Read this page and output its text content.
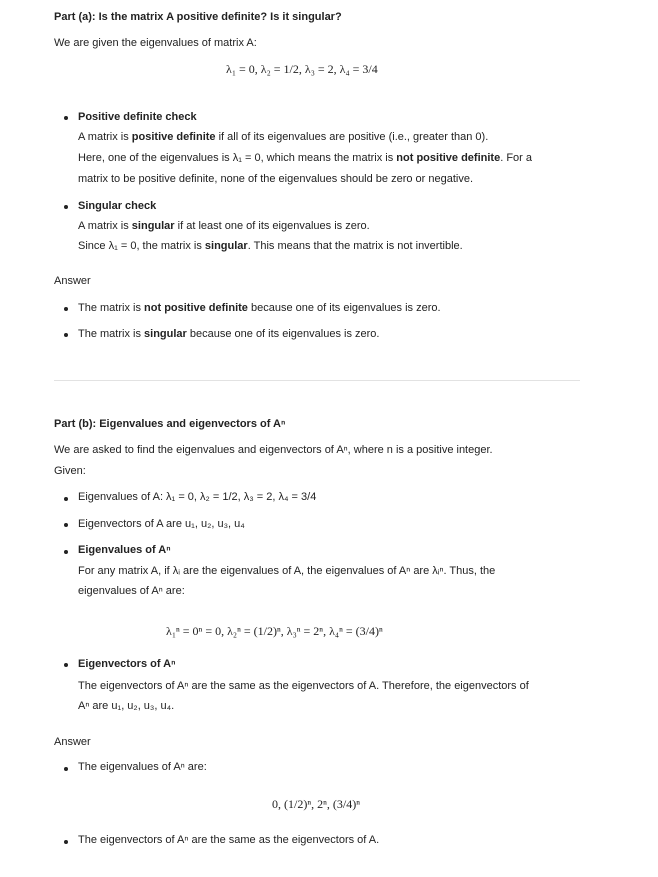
Part (a): Is the matrix A positive definite? Is it singular?
We are given the eigenvalues of matrix A:
λ₁ = 0, λ₂ = 1/2, λ₃ = 2, λ₄ = 3/4
Positive definite check
A matrix is positive definite if all of its eigenvalues are positive (i.e., greater than 0).
Here, one of the eigenvalues is λ₁ = 0, which means the matrix is not positive definite. For a
matrix to be positive definite, none of the eigenvalues should be zero or negative.
Singular check
A matrix is singular if at least one of its eigenvalues is zero.
Since λ₁ = 0, the matrix is singular. This means that the matrix is not invertible.
Answer
The matrix is not positive definite because one of its eigenvalues is zero.
The matrix is singular because one of its eigenvalues is zero.
Part (b): Eigenvalues and eigenvectors of Aⁿ
We are asked to find the eigenvalues and eigenvectors of Aⁿ, where n is a positive integer.
Given:
Eigenvalues of A: λ₁ = 0, λ₂ = 1/2, λ₃ = 2, λ₄ = 3/4
Eigenvectors of A are u₁, u₂, u₃, u₄
Eigenvalues of Aⁿ
For any matrix A, if λᵢ are the eigenvalues of A, the eigenvalues of Aⁿ are λᵢⁿ. Thus, the
eigenvalues of Aⁿ are:
λ₁ⁿ = 0ⁿ = 0, λ₂ⁿ = (1/2)ⁿ, λ₃ⁿ = 2ⁿ, λ₄ⁿ = (3/4)ⁿ
Eigenvectors of Aⁿ
The eigenvectors of Aⁿ are the same as the eigenvectors of A. Therefore, the eigenvectors of
Aⁿ are u₁, u₂, u₃, u₄.
Answer
The eigenvalues of Aⁿ are:
0, (1/2)ⁿ, 2ⁿ, (3/4)ⁿ
The eigenvectors of Aⁿ are the same as the eigenvectors of A.
